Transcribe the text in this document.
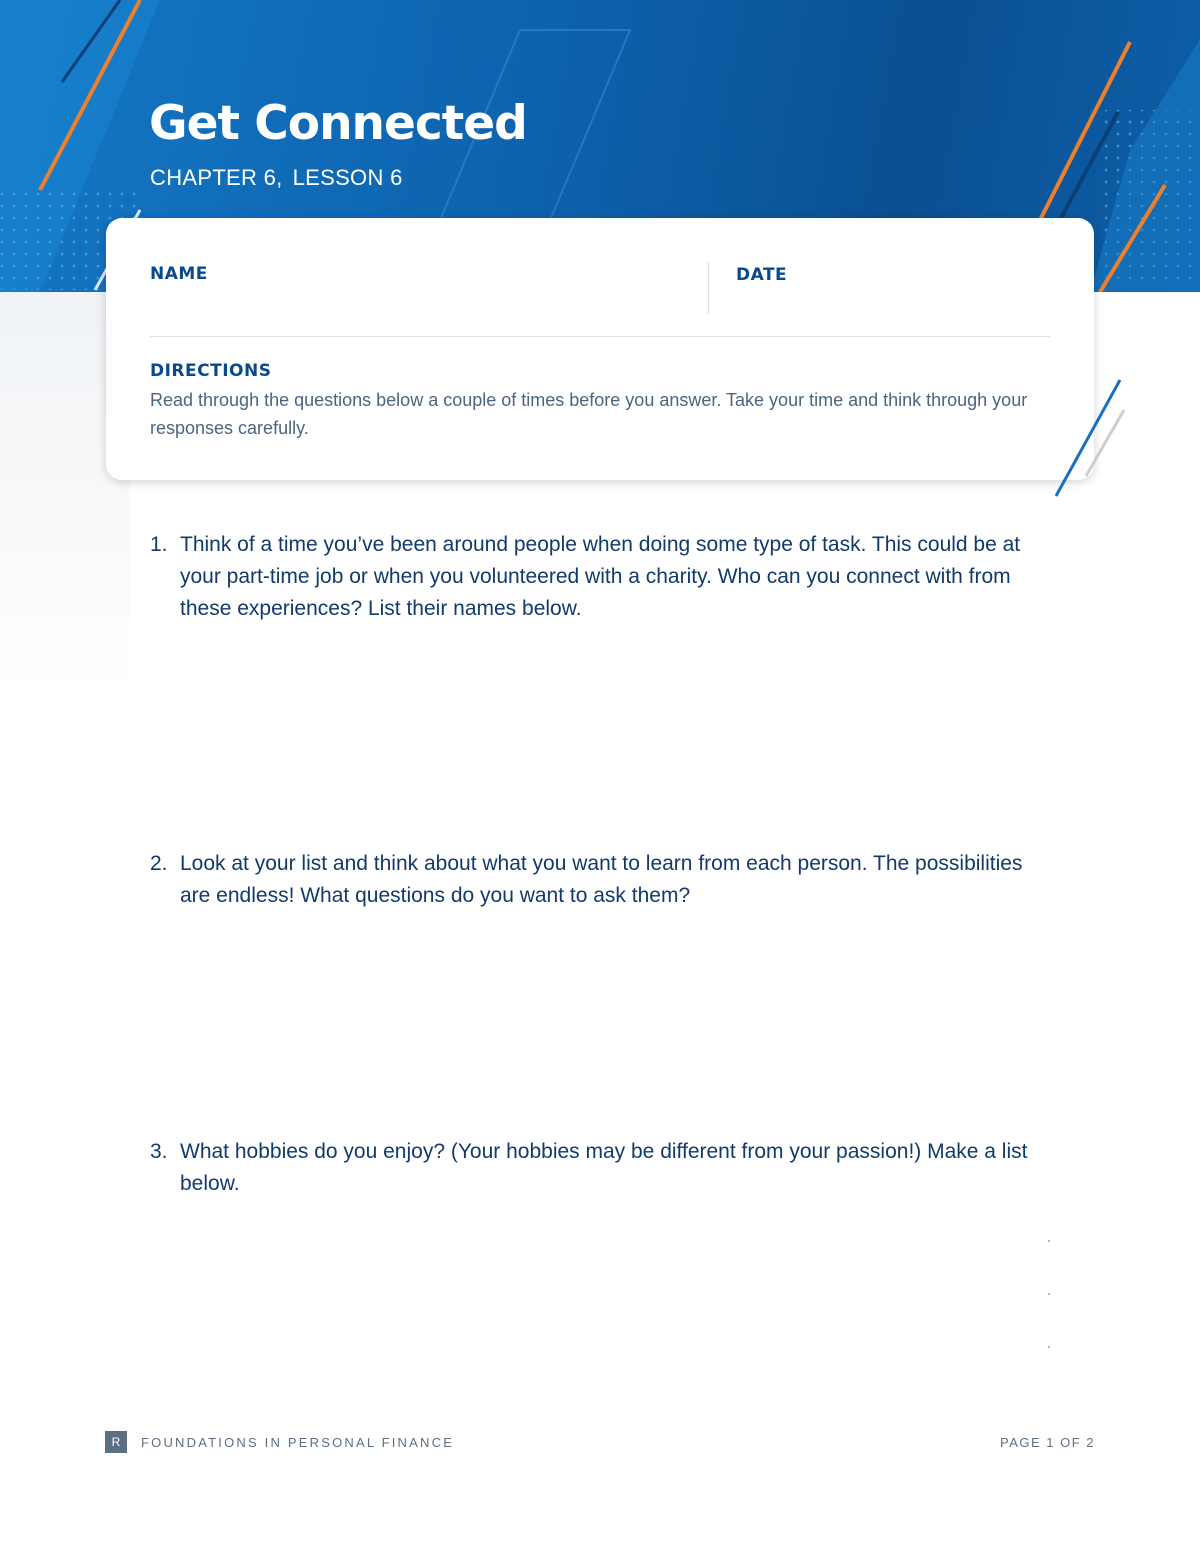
Get Connected
CHAPTER 6, LESSON 6
NAME	DATE
DIRECTIONS
Read through the questions below a couple of times before you answer. Take your time and think through your responses carefully.
1. Think of a time you’ve been around people when doing some type of task. This could be at your part-time job or when you volunteered with a charity. Who can you connect with from these experiences? List their names below.
2. Look at your list and think about what you want to learn from each person. The possibilities are endless! What questions do you want to ask them?
3. What hobbies do you enjoy? (Your hobbies may be different from your passion!) Make a list below.
R	FOUNDATIONS IN PERSONAL FINANCE	PAGE 1 OF 2
